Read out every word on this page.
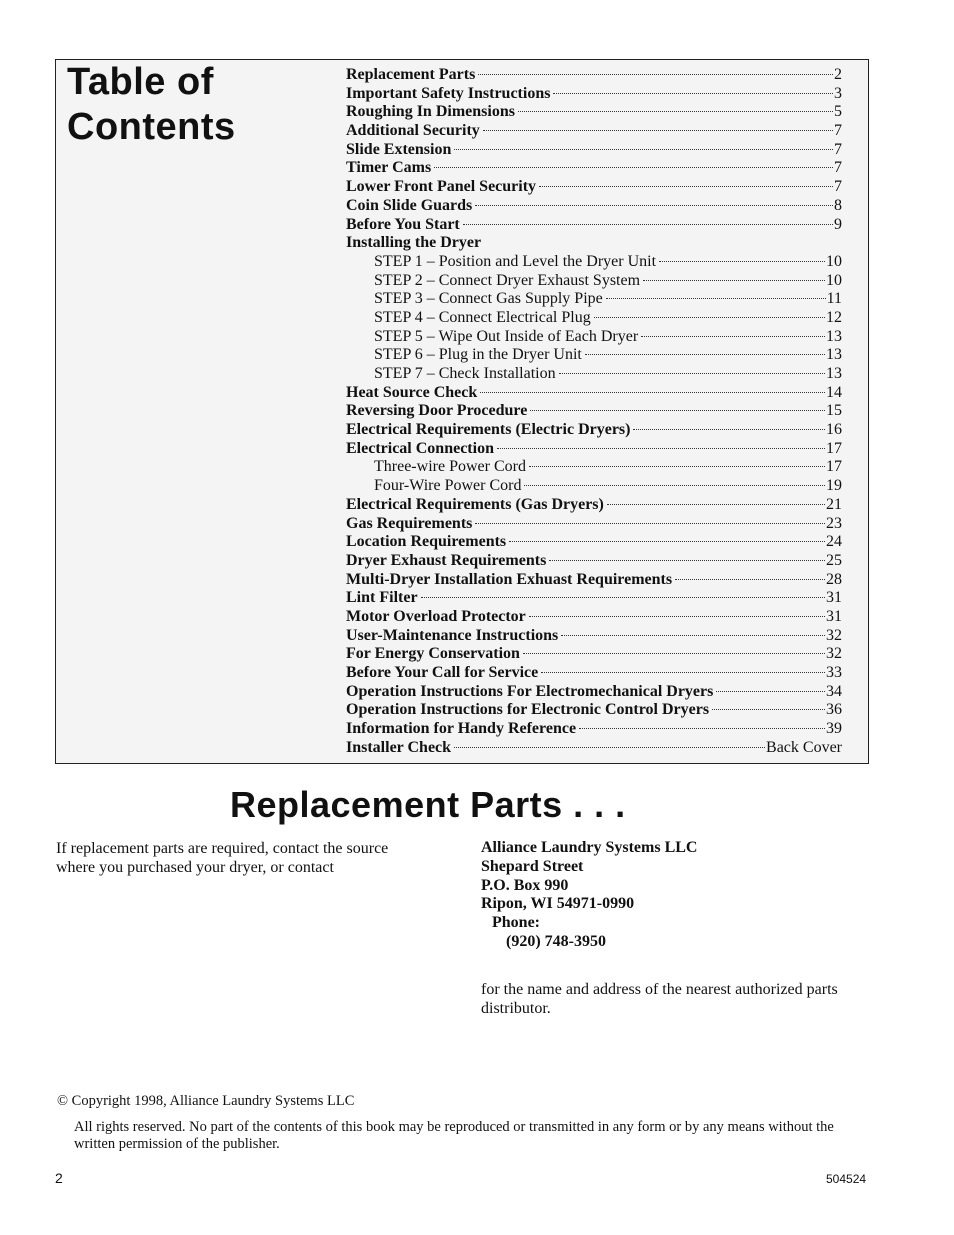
Table of
Contents
Replacement Parts	2
Important Safety Instructions	3
Roughing In Dimensions	5
Additional Security	7
Slide Extension	7
Timer Cams	7
Lower Front Panel Security	7
Coin Slide Guards	8
Before You Start	9
Installing the Dryer
STEP 1 – Position and Level the Dryer Unit	10
STEP 2 – Connect Dryer Exhaust System	10
STEP 3 – Connect Gas Supply Pipe	11
STEP 4 – Connect Electrical Plug	12
STEP 5 – Wipe Out Inside of Each Dryer	13
STEP 6 – Plug in the Dryer Unit	13
STEP 7 – Check Installation	13
Heat Source Check	14
Reversing Door Procedure	15
Electrical Requirements (Electric Dryers)	16
Electrical Connection	17
Three-wire Power Cord	17
Four-Wire Power Cord	19
Electrical Requirements (Gas Dryers)	21
Gas Requirements	23
Location Requirements	24
Dryer Exhaust Requirements	25
Multi-Dryer Installation Exhuast Requirements	28
Lint Filter	31
Motor Overload Protector	31
User-Maintenance Instructions	32
For Energy Conservation	32
Before Your Call for Service	33
Operation Instructions For Electromechanical Dryers	34
Operation Instructions for Electronic Control Dryers	36
Information for Handy Reference	39
Installer Check	Back Cover
Replacement Parts . . .
If replacement parts are required, contact the source where you purchased your dryer, or contact
Alliance Laundry Systems LLC
Shepard Street
P.O. Box 990
Ripon, WI 54971-0990
Phone:
(920) 748-3950
for the name and address of the nearest authorized parts distributor.
© Copyright 1998, Alliance Laundry Systems LLC
All rights reserved. No part of the contents of this book may be reproduced or transmitted in any form or by any means without the written permission of the publisher.
2	504524
